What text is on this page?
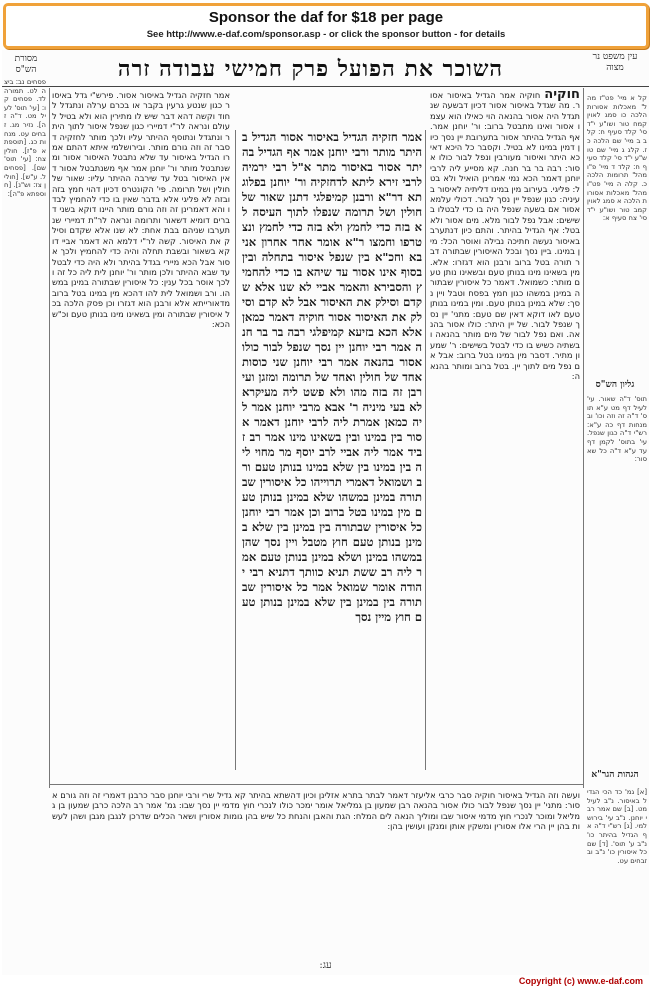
Sponsor the daf for $18 per page
See http://www.e-daf.com/sponsor.asp - or click the sponsor button - for details
השוכר את הפועל פרק חמישי עבודה זרה	עין משפט נר מצוה
מסורת הש"ס
קל א מיי' פט"ז מהל' מאכלות אסורות הלכה כו סמג לאוין קמח טור ושו"ע י"ד סי' קלד סעיף ח: קלב ב מיי' שם הלכה כז. קלג ג מיי' שם טוש"ע י"ד סי' קלד סעיף ח: קלד ד מיי' פ"ו מהל' תרומות הלכה כ. קלה ה מיי' פט"ו מהל' מאכלות אסורות הלכה א סמג לאוין קמב טור ושו"ע י"ד סי' צח סעיף א:
גליון הש"ס
תוס' ד"ה שאור. עי' לעיל דף מט ע"א תוס' ד"ה זה וזה וכו' ובמנחות דף כה ע"א: רש"י ד"ה כגון שנפל. עי' בתוס' לקמן דף עד ע"א ד"ה כל שאסור:
פסחים נב: ביצה לט. תמורה לד. פסחים קו: [עי' תוס' לעיל מט. ד"ה זה]. נזיר מג. זבחים עט. מנחות כג. [תוספתא פ"ז]. חולין צח: [עי' תוס' שם]. [פסחים ל. ע"ש]. [חולין צז: וש"נ]. [חוספתא פ"ה]:
חוקיה חוקיה אמר הגדיל באיסור אסור. מה שגדל באיסור אסור דכיון דבשעה שנתגדל היה אסור בהנאה הוי כאילו הוא עצמו אסור ואינו מתבטל ברוב: ור' יוחנן אמר. אף הגדיל בהיתר אסור בתערובת יין נסך כיון דמין במינו לא בטיל. וקסבר כל היכא דאיכא היתר ואיסור מעורבין ונפל לבור כולו אסור: רבה בר בר חנה. קא מסייע ליה לרבי יוחנן דאמר הכא נמי אמרינן הואיל ולא בטל: פליגי. בעירוב מין במינו דליתיה לאיסור בעיניה: כגון שנפל יין נסך לבור. דכולי עלמא אסור אם בשעה שנפל היה בו כדי לבטלו בשישים: אבל נפל לבור מלא. מים אסור ולא בטל: אף הגדיל בהיתר. והתם כיון דנתערב באיסור נעשה חתיכה נבילה ואוסר הכל: מין במינו. ביין נסך ובכל האיסורין שבתורה דבר תורה בטל ברוב ורבנן הוא דגזרו: אלא. מין בשאינו מינו בנותן טעם ובשאינו נותן טעם מותר: כשמואל. דאמר כל איסורין שבתורה במינן במשהו כגון חמץ בפסח וטבל ויין נסך: שלא במינן בנותן טעם. ומין במינו בנותן טעם לאו דוקא דאין שם טעם: מתני' יין נסך שנפל לבור. של יין היתר: כולו אסור בהנאה. ואם נפל לבור של מים מותר בהנאה ובשתיה כשיש בו כדי לבטל בשישים: ר' שמעון מתיר. דסבר מין במינו בטל ברוב: אבל אם נפל מים לתוך יין. בטל ברוב ומותר בהנאה:
אמר חזקיה הגדיל באיסור אסור הגדיל בהיתר מותר ורבי יוחנן אמר אף הגדיל בהיתר אסור באיסור מתר א"ל רבי ירמיה לרבי זירא ליתא לדחזקיה ור' יוחנן בפלוגתא דר"א ורבנן קמיפלגי דתנן שאור של חולין ושל תרומה שנפלו לתוך העיסה לא בזה כדי לחמץ ולא בזה כדי לחמץ ונצטרפו וחמצו ר"א אומר אחר אחרון אני בא וחכ"א בין שנפל איסור בתחלה ובין בסוף אינו אסור עד שיהא בו כדי להחמיץ והסבירא והאמר אביי לא שנו אלא שקדם וסילק את האיסור אבל לא קדם וסילק את האיסור אסור חוקיה דאמר כמאן אלא הכא בזיעא קמיפלגי רבה בר בר חנה אמר רבי יוחנן יין נסך שנפל לבור כולו אסור בהנאה אמר רבי יוחנן שני כוסות אחד של חולין ואחד של תרומה ומזגן ועירבן זה בזה מהו ולא פשט ליה מעיקרא לא בעי מיניה ר' אבא מרבי יוחנן אמר ליה כמאן אמרת ליה לרבי יוחנן דאמר אסור בין במינו ובין בשאינו מינו אמר רב זביד אמר ליה אביי לרב יוסף מר מחוי ליה בין במינו בין שלא במינו בנותן טעם ורב ושמואל דאמרי תרוייהו כל איסורין שבתורה במינן במשהו שלא במינן בנותן טעם מין במינו בטל ברוב וכן אמר רבי יוחנן כל איסורין שבתורה בין במינן בין שלא במינן בנותן טעם חוץ מטבל ויין נסך שהן במשהו במינן ושלא במינן בנותן טעם אמר ליה רב ששת תניא כוותך דתניא רבי יהודה אומר שמואל אמר כל איסורין שבתורה בין במינן בין שלא במינן בנותן טעם חוץ מיין נסך
אמר חזקיה הגדיל באיסור אסור. פירש"י גדל באיסור כגון שנטע גרעין בקבר או בכרם ערלה ונתגדל לחוד וקשה דהא דבר שיש לו מתירין הוא ולא בטיל לעולם ונראה לר"י דמיירי כגון שנפל איסור לתוך היתר ונתגדל ונתוסף ההיתר עליו ולכך מותר לחזקיה דסבר זה וזה גורם מותר. ובירושלמי איתא דהתם אמרו הגדיל באיסור עד שלא נתבטל האיסור אסור ומשנתבטל מותר ור' יוחנן אמר אף משנתבטל אסור דאין האיסור בטל עד שירבה ההיתר עליו: שאור של חולין ושל תרומה. פי' הקונטרס דכיון דהוי חמץ בזה ובזה לא פליגי אלא בדבר שאין בו כדי להחמיץ לבדו והא דאמרינן זה וזה גורם מותר היינו דוקא בשני דברים דומיא דשאור ותרומה ונראה לר"ת דמיירי שנתערבו שניהם בבת אחת: לא שנו אלא שקדם וסילק את האיסור. קשה לר"י דלמא הא דאמר אביי דוקא בשאור ובשבת תחלה והיה כדי להחמיץ ולכך אסור אבל הכא מיירי בגדל בהיתר ולא היה כדי לבטל עד שבא ההיתר ולכן מותר ור' יוחנן לית ליה כל זה ולכך אוסר בכל ענין: כל איסורין שבתורה במינן במשהו. ורב ושמואל לית להו דהכא מין במינו בטל ברוב מדאורייתא אלא ורבנן הוא דגזרו וכן פסק הלכה בכל איסורין שבתורה ומין בשאינו מינו בנותן טעם וכ"ש הכא:
הגהות הגר"א
[א] גמ' כד הכי הגדיל באיסור. נ"ב לעיל מט. [ב] שם אמר רבי יוחנן. נ"ב עי' בירושלמי. [ג] רש"י ד"ה אף הגדיל בהיתר כו' נ"ב ע' תוס'. [ד] שם כל איסורין כו' נ"ב ובזבחים עט.
ועשה וזה הגדיל באיסור חוקיה סבר כרבי אליעזר דאמר לבתר בתרא אזלינן וכיון דהשתא בהיתר קא גדיל שרי ורבי יוחנן סבר כרבנן דאמרי זה וזה גורם אסור: מתני' יין נסך שנפל לבור כולו אסור בהנאה רבן שמעון בן גמליאל אומר ימכר כולו לנכרי חוץ מדמי יין נסך שבו: גמ' אמר רב הלכה כרבן שמעון בן גמליאל ומוכר לנכרי חוץ מדמי איסור שבו ומוליך הנאה לים המלח: הגת והאבן והנחת כל שיש בהן גומות אסורין ושאר הכלים שדרכן לנגבן מגבן ושהן לעשות בהן יין הרי אלו אסורין ומשקין אותן ומנקן ועושין בהן:
עג:
Copyright (c) www.e-daf.com
